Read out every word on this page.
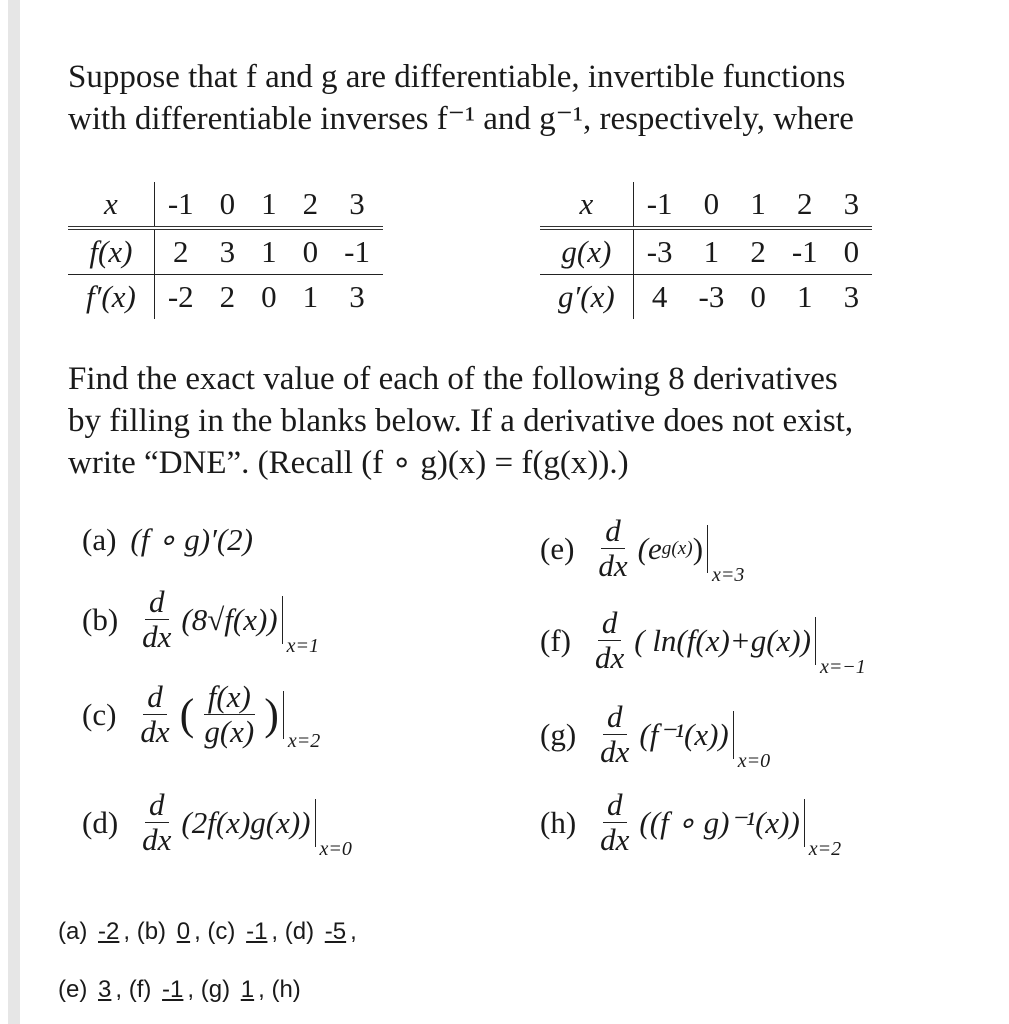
Suppose that f and g are differentiable, invertible functions
with differentiable inverses f⁻¹ and g⁻¹, respectively, where
x	-1	0	1	2	3
f(x)	2	3	1	0	-1
f′(x)	-2	2	0	1	3
x	-1	0	1	2	3
g(x)	-3	1	2	-1	0
g′(x)	4	-3	0	1	3
Find the exact value of each of the following 8 derivatives
by filling in the blanks below. If a derivative does not exist,
write “DNE”. (Recall (f ∘ g)(x) = f(g(x)).)
(a) (f ∘ g)′(2)
$(b) \frac{d}{dx} (8√f(x))$
x=1
$(c) \frac{d}{dx}$ ( $\frac{f(x)}{g(x)}$ )
x=2
$(d) \frac{d}{dx} (2f(x)g(x))$
x=0
$(e) \frac{d}{dx} (e$ g(x) )
x=3
$(f) \frac{d}{dx}$ ( ln(f(x)+g(x))
x=−1
$(g) \frac{d}{dx} (f^{-1}(x))$
x=0
$(h) \frac{d}{dx} ((f$ ∘ g)⁻¹(x))
x=2
(a) -2 , (b) 0 , (c) -1 , (d) -5 ,
(e) 3 , (f) -1 , (g) 1 , (h)
